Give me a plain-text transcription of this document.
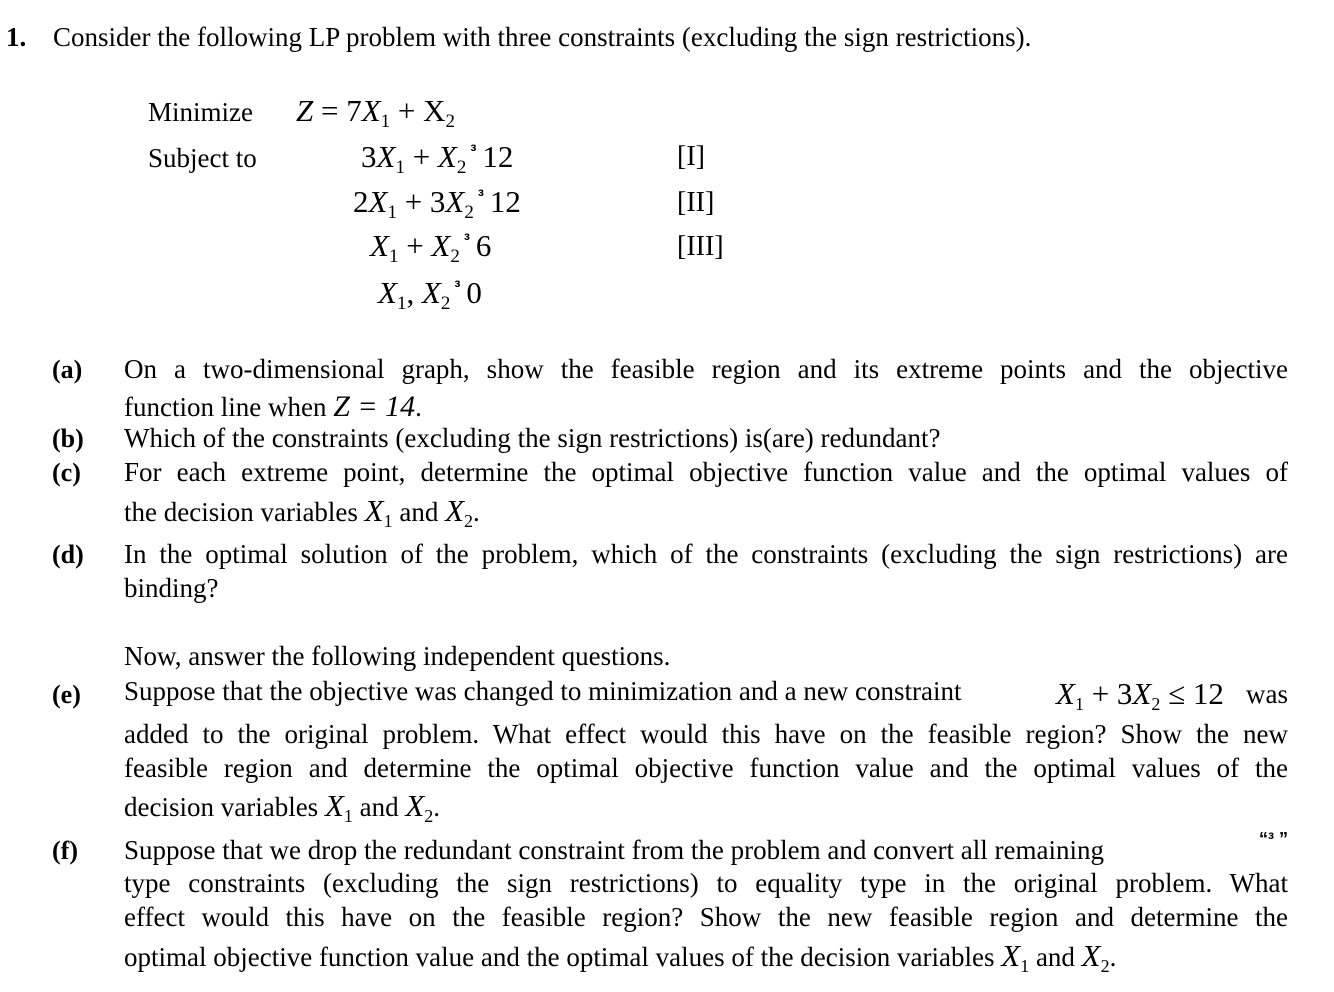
1. Consider the following LP problem with three constraints (excluding the sign restrictions).
Minimize $Z = 7X_1 + X_2$
Subject to	$3X_1 + X_2^{^3}$ 12	[I]
$2X_1 + 3X_2^{^3}$ 12	[II]
$X_1 + X_2^{^3}$ 6	[III]
$X_1$, $X_2^{^3}$ 0
(a) On a two-dimensional graph, show the feasible region and its extreme points and the objective
function line when Z = 14.
(b) Which of the constraints (excluding the sign restrictions) is(are) redundant?
(c) For each extreme point, determine the optimal objective function value and the optimal values of
the decision variables $X_1$ and $X_2$.
(d) In the optimal solution of the problem, which of the constraints (excluding the sign restrictions) are
binding?
Now, answer the following independent questions.
(e) Suppose that the objective was changed to minimization and a new constraint	$X_1 + 3X_2 \le 12$ was
added to the original problem. What effect would this have on the feasible region? Show the new
feasible region and determine the optimal objective function value and the optimal values of the
decision variables $X_1$ and $X_2$.
(f) Suppose that we drop the redundant constraint from the problem and convert all remaining	“³ ”
type constraints (excluding the sign restrictions) to equality type in the original problem. What
effect would this have on the feasible region? Show the new feasible region and determine the
optimal objective function value and the optimal values of the decision variables $X_1$ and $X_2$.
